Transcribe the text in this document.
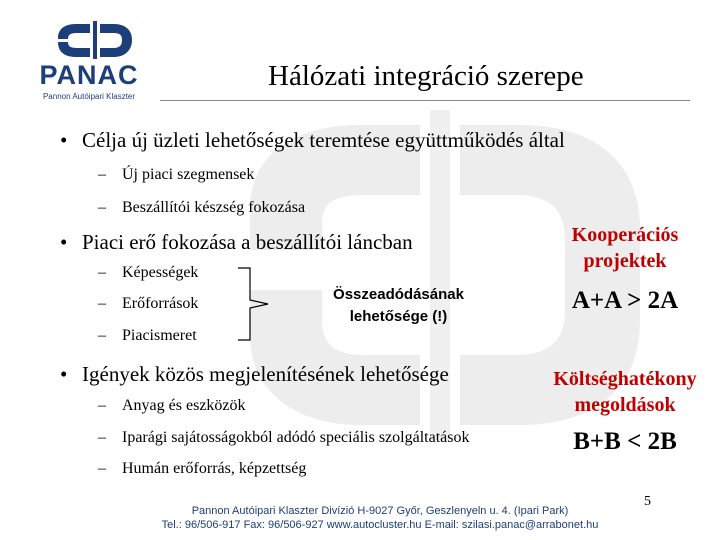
PANAC
Pannon Autóipari Klaszter
Hálózati integráció szerepe
• Célja új üzleti lehetőségek teremtése együttműködés által
– Új piaci szegmensek
– Beszállítói készség fokozása
• Piaci erő fokozása a beszállítói láncban
– Képességek
– Erőforrások
– Piacismeret
Összeadódásának
lehetősége (!)
• Igények közös megjelenítésének lehetősége
– Anyag és eszközök
– Iparági sajátosságokból adódó speciális szolgáltatások
– Humán erőforrás, képzettség
Kooperációs
projektek
A+A > 2A
Költséghatékony
megoldások
B+B < 2B
5
Pannon Autóipari Klaszter Divízió H-9027 Győr, Geszlenyeln u. 4. (Ipari Park)
Tel.: 96/506-917 Fax: 96/506-927 www.autocluster.hu E-mail: szilasi.panac@arrabonet.hu
